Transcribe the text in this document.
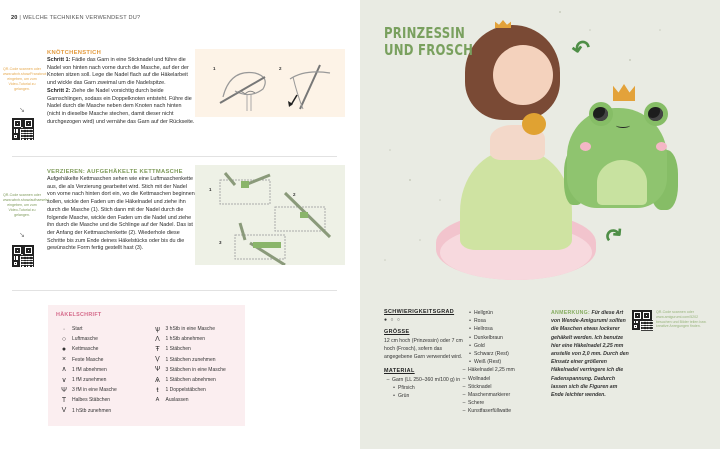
20 | WELCHE TECHNIKEN VERWENDEST DU?
QR-Code scannen oder www.wbxh.show/Franzknot eingeben, um zum Video-Tutorial zu gelangen.
↘
QR-Code scannen oder www.wbxh.show/aufhaeselst eingeben, um zum Video-Tutorial zu gelangen.
↘
KNÖTCHENSTICH
Schritt 1: Fädle das Garn in eine Sticknadel und führe die Nadel von hinten nach vorne durch die Masche, auf der der Knoten sitzen soll. Lege die Nadel flach auf die Häkelarbeit und wickle das Garn zweimal um die Nadelspitze.
Schritt 2: Ziehe die Nadel vorsichtig durch beide Garnschlingen, sodass ein Doppelknoten entsteht. Führe die Nadel durch die Masche neben dem Knoten nach hinten (nicht in dieselbe Masche stechen, damit dieser nicht durchgezogen wird) und vernähe das Garn auf der Rückseite.
1	2
VERZIEREN: AUFGEHÄKELTE KETTMASCHE
Aufgehäkelte Kettmaschen sehen wie eine Luftmaschenkette aus, die als Verzierung gearbeitet wird. Stich mit der Nadel von vorne nach hinten dort ein, wo die Kettmaschen beginnen sollen, wickle den Faden um die Häkelnadel und ziehe ihn durch die Masche (1). Stich dann mit der Nadel durch die folgende Masche, wickle den Faden um die Nadel und ziehe ihn durch die Masche und die Schlinge auf der Nadel. Das ist der Anfang der Kettmaschenkette (2). Wiederhole diese Schritte bis zum Ende deines Häkelstücks oder bis du die gewünschte Form fertig gestellt hast (3).
1
2
3
HÄKELSCHRIFT
·	Start
○	Luftmasche
●	Kettmasche
×	Feste Masche
∧	1 fM abnehmen
∨	1 fM zunehmen
Ψ	3 fM in eine Masche
T	Halbes Stäbchen
V	1 hStb zunehmen
ѱ	3 hStb in eine Masche
Λ	1 hStb abnehmen
Ŧ	1 Stäbchen
Ṿ	1 Stäbchen zunehmen
Ѱ	3 Stäbchen in eine Masche
Ѧ	1 Stäbchen abnehmen
ŧ	1 Doppelstäbchen
A	Auslassen
↶
↷
PRINZESSIN
UND FROSCH
SCHWIERIGKEITSGRAD
● ○ ○
GRÖSSE
12 cm hoch (Prinzessin) oder 7 cm hoch (Frosch), sofern das angegebene Garn verwendet wird.
MATERIAL
– Garn (LL 250–360 m/100 g) in
• Pfirsich
• Grün
• Hellgrün
• Rosa
• Hellrosa
• Dunkelbraun
• Gold
• Schwarz (Rest)
• Weiß (Rest)
– Häkelnadel 2,25 mm
– Wollnadel
– Sticknadel
– Maschenmarkierer
– Schere
– Kunstfaserfüllwatte
ANMERKUNG: Für diese Art von Wende-Amigurumi sollten die Maschen etwas lockerer gehäkelt werden. Ich benutze hier eine Häkelnadel 2,25 mm anstelle von 2,0 mm. Durch den Einsatz einer größeren Häkelnadel verringere ich die Fadenspannung. Dadurch lassen sich die Figuren am Ende leichter wenden.
QR-Code scannen oder www.amigurumi.com/5202 besuchen und Bilder teilen bzw. kreative Anregungen finden.
